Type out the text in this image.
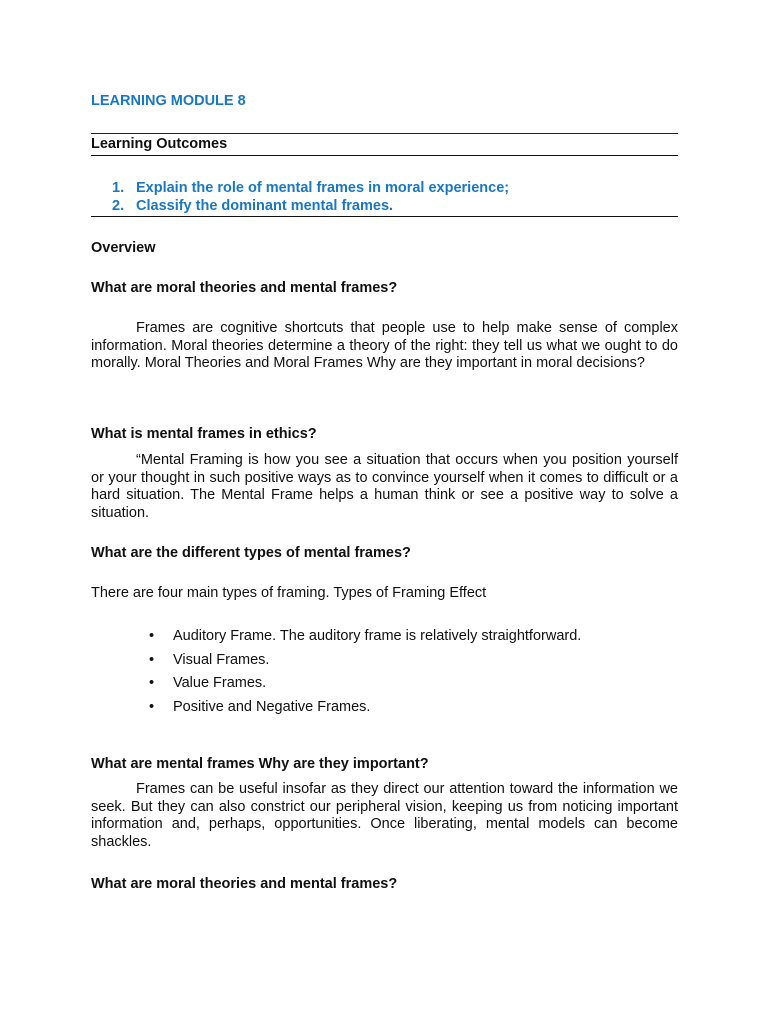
LEARNING MODULE 8
Learning Outcomes
1. Explain the role of mental frames in moral experience;
2. Classify the dominant mental frames.
Overview
What are moral theories and mental frames?

Frames are cognitive shortcuts that people use to help make sense of complex information. Moral theories determine a theory of the right: they tell us what we ought to do morally. Moral Theories and Moral Frames Why are they important in moral decisions?

What is mental frames in ethics?

“Mental Framing is how you see a situation that occurs when you position yourself or your thought in such positive ways as to convince yourself when it comes to difficult or a hard situation. The Mental Frame helps a human think or see a positive way to solve a situation.

What are the different types of mental frames?

There are four main types of framing. Types of Framing Effect

• Auditory Frame. The auditory frame is relatively straightforward.
• Visual Frames.
• Value Frames.
• Positive and Negative Frames.
What are mental frames Why are they important?

Frames can be useful insofar as they direct our attention toward the information we seek. But they can also constrict our peripheral vision, keeping us from noticing important information and, perhaps, opportunities. Once liberating, mental models can become shackles.

What are moral theories and mental frames?
